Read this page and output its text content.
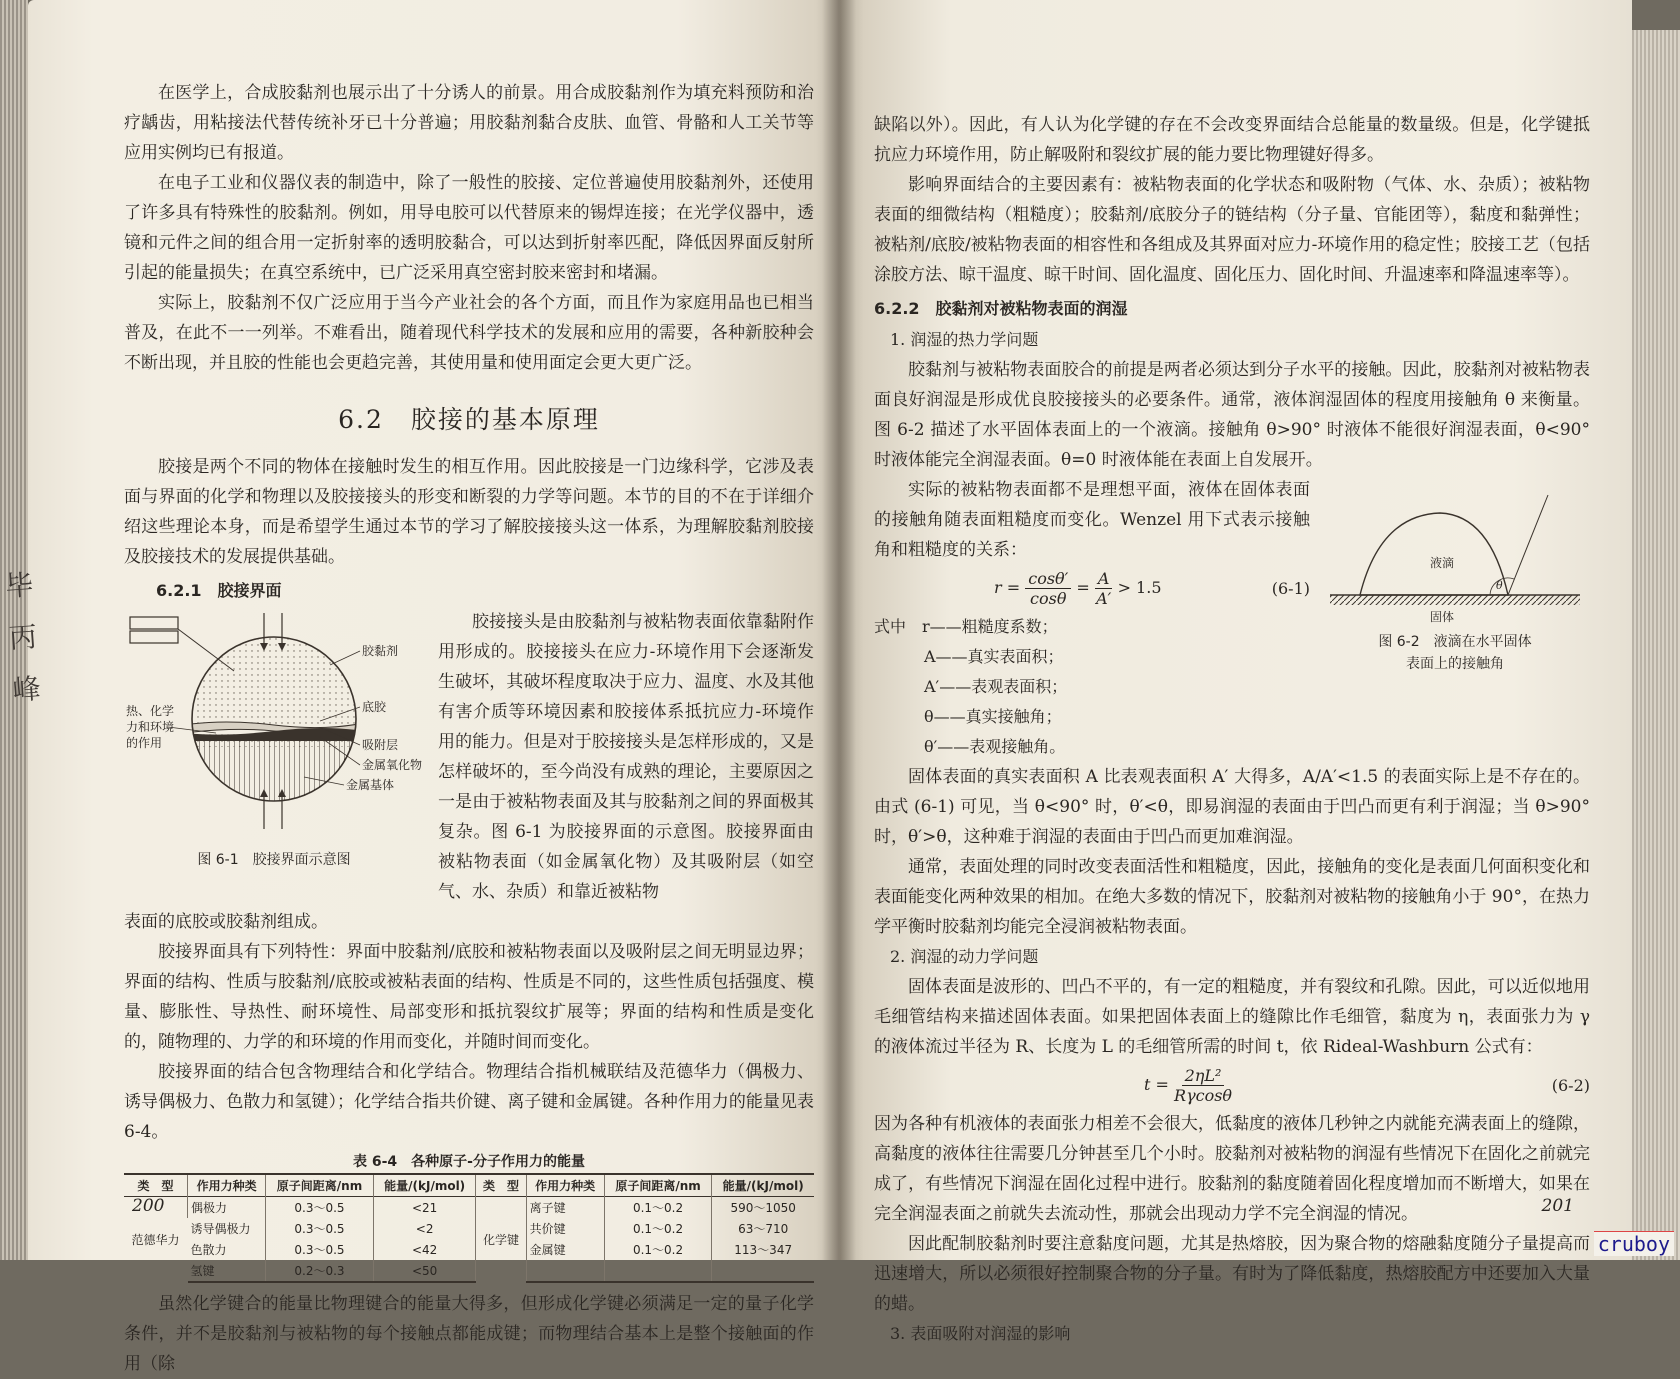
在医学上，合成胶黏剂也展示出了十分诱人的前景。用合成胶黏剂作为填充料预防和治疗龋齿，用粘接法代替传统补牙已十分普遍；用胶黏剂黏合皮肤、血管、骨骼和人工关节等应用实例均已有报道。

在电子工业和仪器仪表的制造中，除了一般性的胶接、定位普遍使用胶黏剂外，还使用了许多具有特殊性的胶黏剂。例如，用导电胶可以代替原来的锡焊连接；在光学仪器中，透镜和元件之间的组合用一定折射率的透明胶黏合，可以达到折射率匹配，降低因界面反射所引起的能量损失；在真空系统中，已广泛采用真空密封胶来密封和堵漏。

实际上，胶黏剂不仅广泛应用于当今产业社会的各个方面，而且作为家庭用品也已相当普及，在此不一一列举。不难看出，随着现代科学技术的发展和应用的需要，各种新胶种会不断出现，并且胶的性能也会更趋完善，其使用量和使用面定会更大更广泛。

6.2　胶接的基本原理

胶接是两个不同的物体在接触时发生的相互作用。因此胶接是一门边缘科学，它涉及表面与界面的化学和物理以及胶接接头的形变和断裂的力学等问题。本节的目的不在于详细介绍这些理论本身，而是希望学生通过本节的学习了解胶接接头这一体系，为理解胶黏剂胶接及胶接技术的发展提供基础。

6.2.1　胶接界面
胶黏剂
底胶
吸附层
金属氧化物
金属基体
热、化学
力和环境
的作用
图 6-1　胶接界面示意图

胶接接头是由胶黏剂与被粘物表面依靠黏附作用形成的。胶接接头在应力-环境作用下会逐渐发生破坏，其破坏程度取决于应力、温度、水及其他有害介质等环境因素和胶接体系抵抗应力-环境作用的能力。但是对于胶接接头是怎样形成的，又是怎样破坏的，至今尚没有成熟的理论，主要原因之一是由于被粘物表面及其与胶黏剂之间的界面极其复杂。图 6-1 为胶接界面的示意图。胶接界面由被粘物表面（如金属氧化物）及其吸附层（如空气、水、杂质）和靠近被粘物

表面的底胶或胶黏剂组成。

胶接界面具有下列特性：界面中胶黏剂/底胶和被粘物表面以及吸附层之间无明显边界；界面的结构、性质与胶黏剂/底胶或被粘表面的结构、性质是不同的，这些性质包括强度、模量、膨胀性、导热性、耐环境性、局部变形和抵抗裂纹扩展等；界面的结构和性质是变化的，随物理的、力学的和环境的作用而变化，并随时间而变化。

胶接界面的结合包含物理结合和化学结合。物理结合指机械联结及范德华力（偶极力、诱导偶极力、色散力和氢键）；化学结合指共价键、离子键和金属键。各种作用力的能量见表 6-4。

表 6-4　各种原子-分子作用力的能量
类　型	作用力种类	原子间距离/nm	能量/(kJ/mol)	类　型	作用力种类	原子间距离/nm	能量/(kJ/mol)
范德华力	偶极力	0.3～0.5	<21	化学键	离子键	0.1～0.2	590～1050
	诱导偶极力	0.3～0.5	<2		共价键	0.1～0.2	63～710
	色散力	0.3～0.5	<42		金属键	0.1～0.2	113～347
	氢键	0.2～0.3	<50				

虽然化学键合的能量比物理键合的能量大得多，但形成化学键必须满足一定的量子化学条件，并不是胶黏剂与被粘物的每个接触点都能成键；而物理结合基本上是整个接触面的作用（除

200

缺陷以外）。因此，有人认为化学键的存在不会改变界面结合总能量的数量级。但是，化学键抵抗应力环境作用，防止解吸附和裂纹扩展的能力要比物理键好得多。

影响界面结合的主要因素有：被粘物表面的化学状态和吸附物（气体、水、杂质）；被粘物表面的细微结构（粗糙度）；胶黏剂/底胶分子的链结构（分子量、官能团等），黏度和黏弹性；被粘剂/底胶/被粘物表面的相容性和各组成及其界面对应力-环境作用的稳定性；胶接工艺（包括涂胶方法、晾干温度、晾干时间、固化温度、固化压力、固化时间、升温速率和降温速率等）。

6.2.2　胶黏剂对被粘物表面的润湿
1. 润湿的热力学问题

胶黏剂与被粘物表面胶合的前提是两者必须达到分子水平的接触。因此，胶黏剂对被粘物表面良好润湿是形成优良胶接接头的必要条件。通常，液体润湿固体的程度用接触角 θ 来衡量。图 6-2 描述了水平固体表面上的一个液滴。接触角 θ>90° 时液体不能很好润湿表面，θ<90° 时液体能完全润湿表面。θ=0 时液体能在表面上自发展开。

实际的被粘物表面都不是理想平面，液体在固体表面的接触角随表面粗糙度而变化。Wenzel 用下式表示接触角和粗糙度的关系：

$r = \frac{\cos\theta'}{\cos\theta} = \frac{A}{A'} > 1.5$	(6-1)
式中　r——粗糙度系数；
A——真实表面积；
A′——表观表面积；
θ——真实接触角；
θ′——表观接触角。
θ
液滴
固体
图 6-2　液滴在水平固体
表面上的接触角

固体表面的真实表面积 A 比表观表面积 A′ 大得多，A/A′<1.5 的表面实际上是不存在的。由式 (6-1) 可见，当 θ<90° 时，θ′<θ，即易润湿的表面由于凹凸而更有利于润湿；当 θ>90° 时，θ′>θ，这种难于润湿的表面由于凹凸而更加难润湿。

通常，表面处理的同时改变表面活性和粗糙度，因此，接触角的变化是表面几何面积变化和表面能变化两种效果的相加。在绝大多数的情况下，胶黏剂对被粘物的接触角小于 90°，在热力学平衡时胶黏剂均能完全浸润被粘物表面。

2. 润湿的动力学问题

固体表面是波形的、凹凸不平的，有一定的粗糙度，并有裂纹和孔隙。因此，可以近似地用毛细管结构来描述固体表面。如果把固体表面上的缝隙比作毛细管，黏度为 η，表面张力为 γ 的液体流过半径为 R、长度为 L 的毛细管所需的时间 t，依 Rideal-Washburn 公式有：

$t = \frac{\text{2ηL²}}{R\gamma\cos\theta}$	(6-2)

因为各种有机液体的表面张力相差不会很大，低黏度的液体几秒钟之内就能充满表面上的缝隙，高黏度的液体往往需要几分钟甚至几个小时。胶黏剂对被粘物的润湿有些情况下在固化之前就完成了，有些情况下润湿在固化过程中进行。胶黏剂的黏度随着固化程度增加而不断增大，如果在完全润湿表面之前就失去流动性，那就会出现动力学不完全润湿的情况。

因此配制胶黏剂时要注意黏度问题，尤其是热熔胶，因为聚合物的熔融黏度随分子量提高而迅速增大，所以必须很好控制聚合物的分子量。有时为了降低黏度，热熔胶配方中还要加入大量的蜡。

3. 表面吸附对润湿的影响
201
毕
丙
峰
cruboy
